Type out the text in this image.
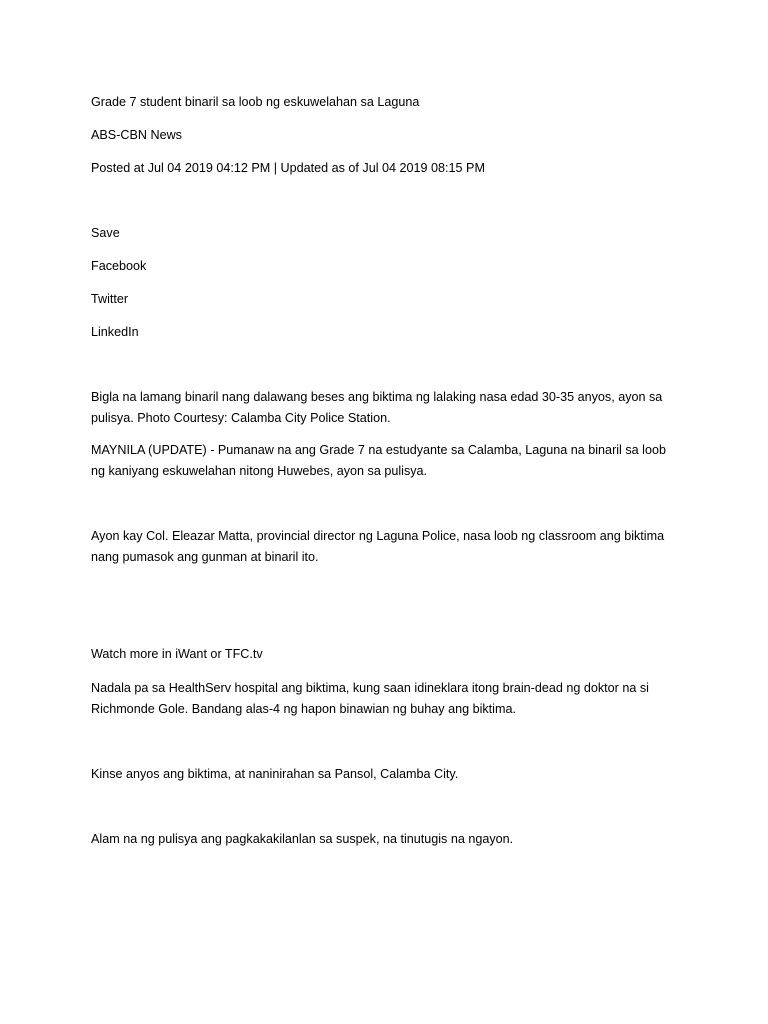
Grade 7 student binaril sa loob ng eskuwelahan sa Laguna

ABS-CBN News

Posted at Jul 04 2019 04:12 PM | Updated as of Jul 04 2019 08:15 PM

Save

Facebook

Twitter

LinkedIn

Bigla na lamang binaril nang dalawang beses ang biktima ng lalaking nasa edad 30-35 anyos, ayon sa pulisya. Photo Courtesy: Calamba City Police Station.

MAYNILA (UPDATE) - Pumanaw na ang Grade 7 na estudyante sa Calamba, Laguna na binaril sa loob ng kaniyang eskuwelahan nitong Huwebes, ayon sa pulisya.

Ayon kay Col. Eleazar Matta, provincial director ng Laguna Police, nasa loob ng classroom ang biktima nang pumasok ang gunman at binaril ito.

Watch more in iWant or TFC.tv

Nadala pa sa HealthServ hospital ang biktima, kung saan idineklara itong brain-dead ng doktor na si Richmonde Gole. Bandang alas-4 ng hapon binawian ng buhay ang biktima.

Kinse anyos ang biktima, at naninirahan sa Pansol, Calamba City.

Alam na ng pulisya ang pagkakakilanlan sa suspek, na tinutugis na ngayon.
